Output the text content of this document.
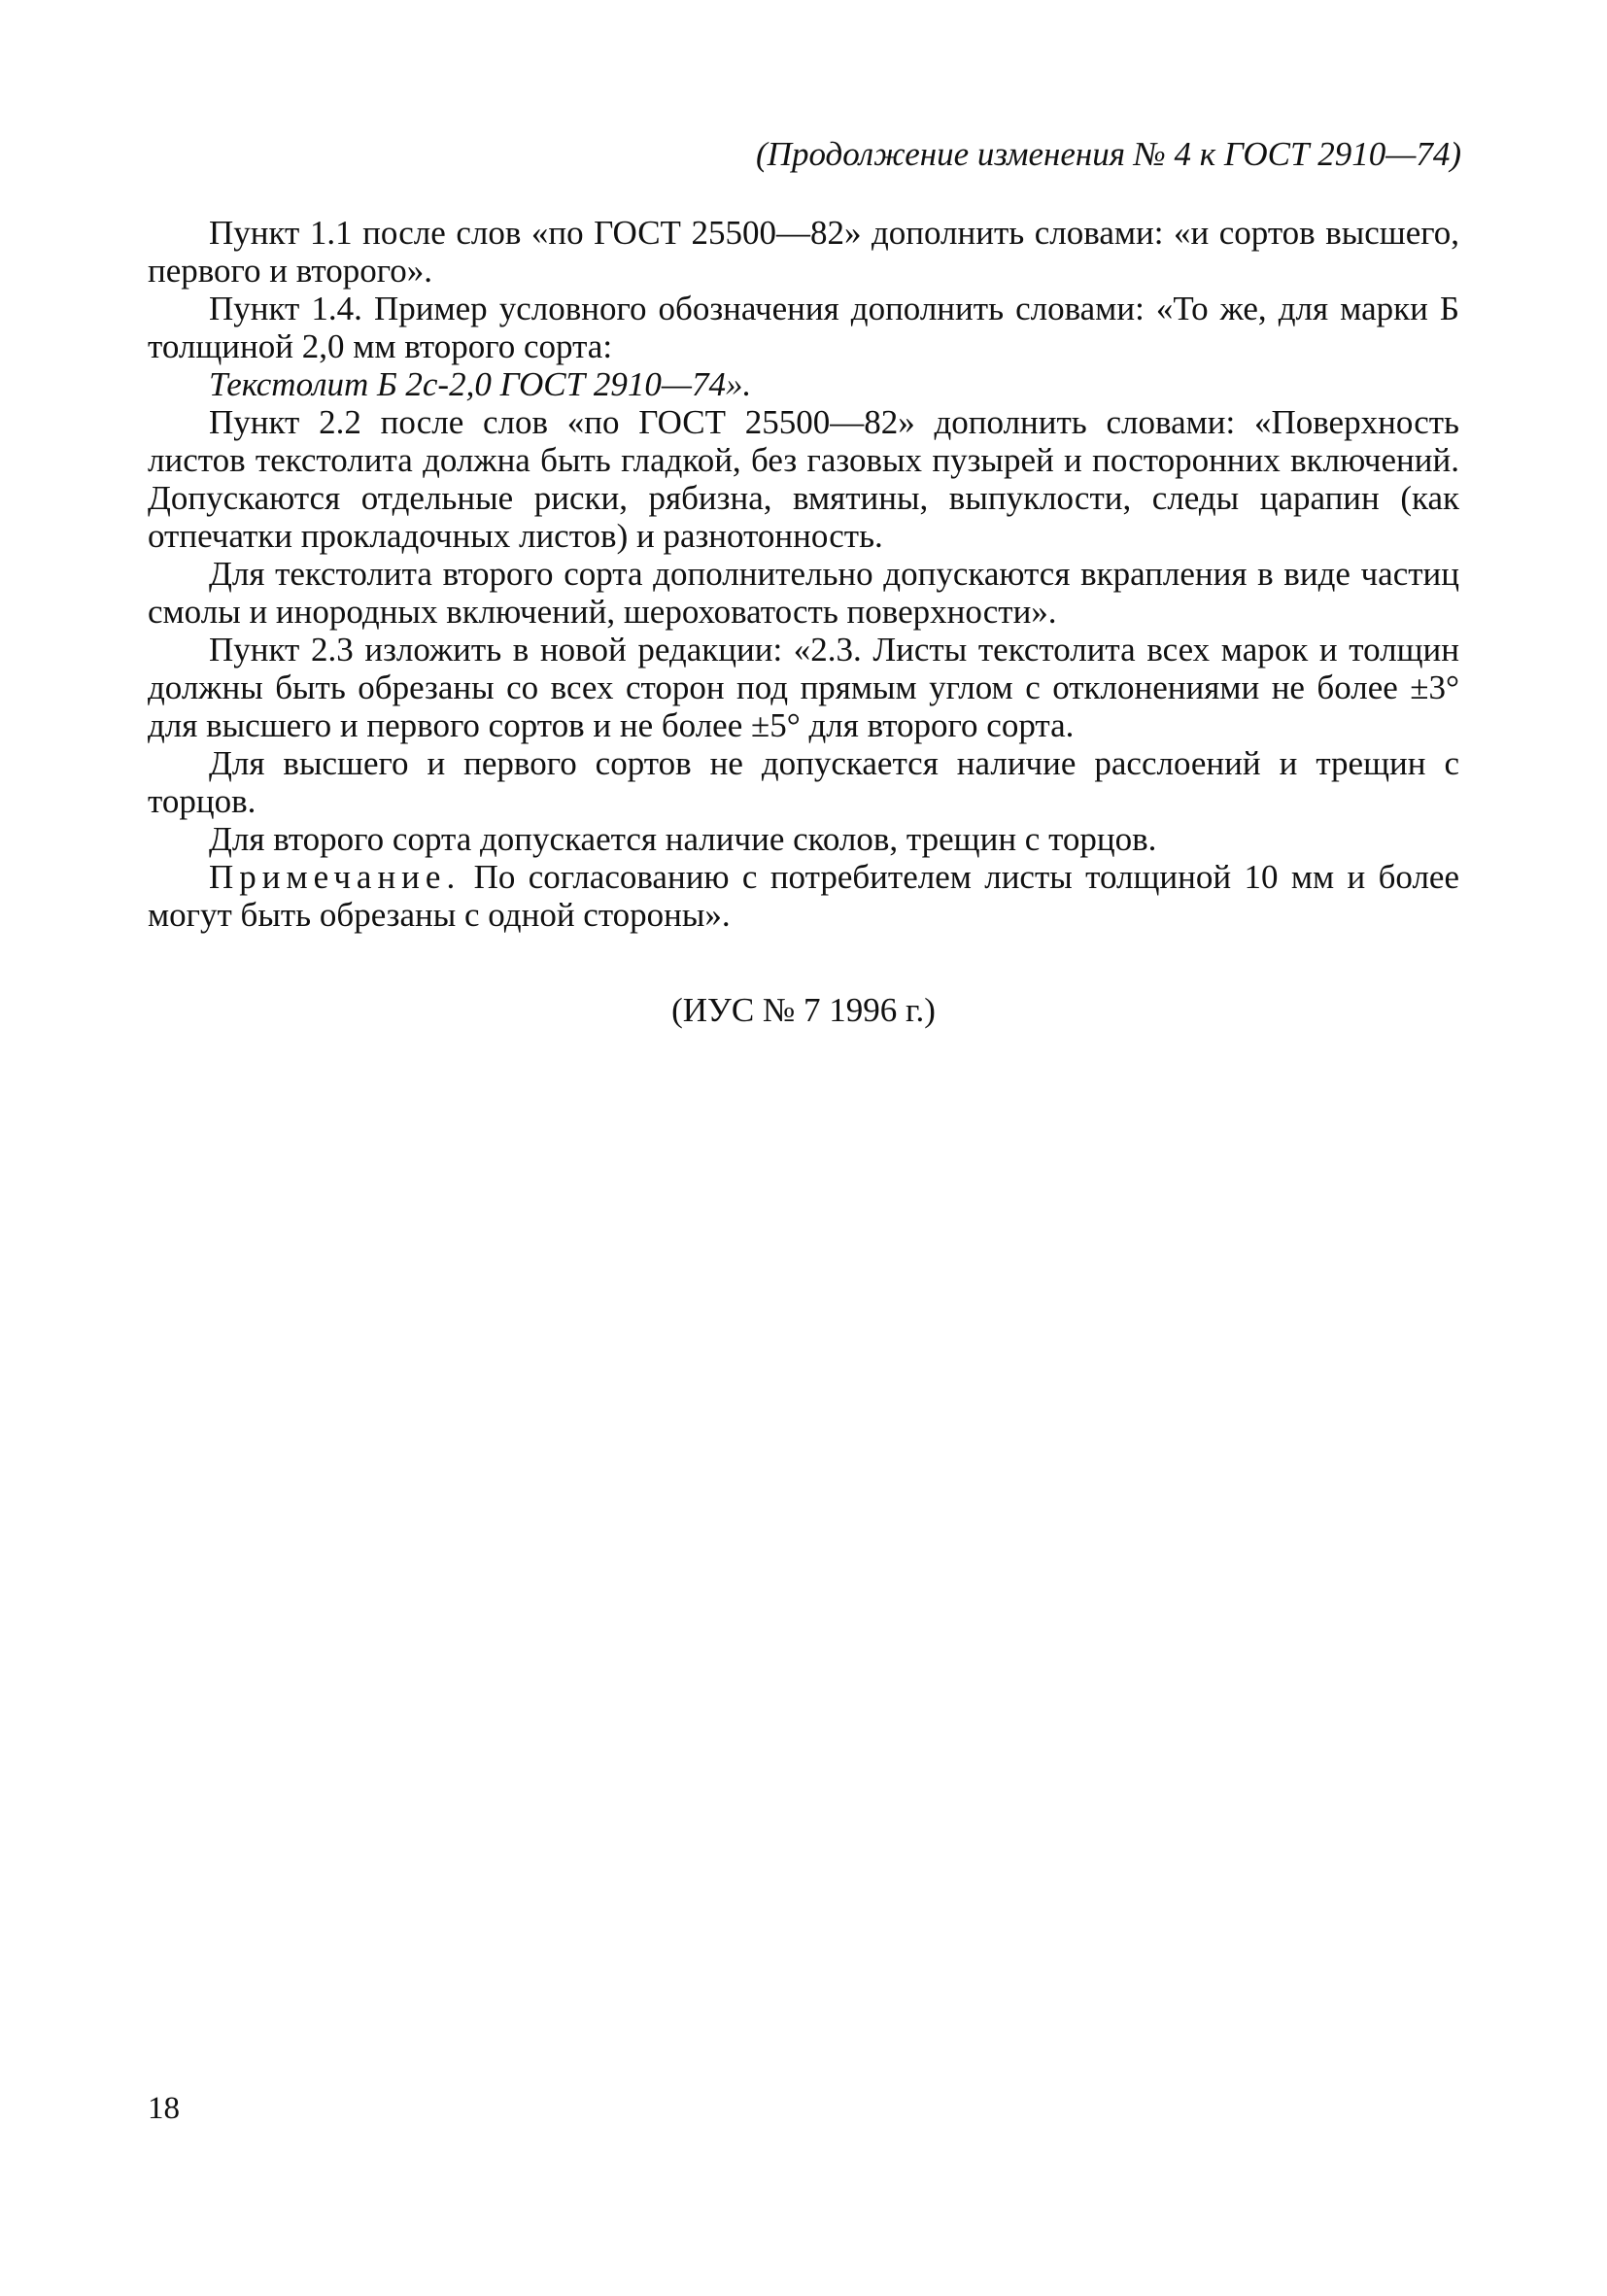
(Продолжение изменения № 4 к ГОСТ 2910—74)

Пункт 1.1 после слов «по ГОСТ 25500—82» дополнить словами: «и сортов высшего, первого и второго».

Пункт 1.4. Пример условного обозначения дополнить словами: «То же, для марки Б толщиной 2,0 мм второго сорта:

Текстолит Б 2с-2,0 ГОСТ 2910—74».

Пункт 2.2 после слов «по ГОСТ 25500—82» дополнить словами: «Поверхность листов текстолита должна быть гладкой, без газовых пузырей и посторонних включений. Допускаются отдельные риски, рябизна, вмятины, выпуклости, следы царапин (как отпечатки прокладочных листов) и разнотонность.

Для текстолита второго сорта дополнительно допускаются вкрапления в виде частиц смолы и инородных включений, шероховатость поверхности».

Пункт 2.3 изложить в новой редакции: «2.3. Листы текстолита всех марок и толщин должны быть обрезаны со всех сторон под прямым углом с отклонениями не более ±3° для высшего и первого сортов и не более ±5° для второго сорта.

Для высшего и первого сортов не допускается наличие расслоений и трещин с торцов.

Для второго сорта допускается наличие сколов, трещин с торцов.

Примечание. По согласованию с потребителем листы толщиной 10 мм и более могут быть обрезаны с одной стороны».

(ИУС № 7 1996 г.)
18
